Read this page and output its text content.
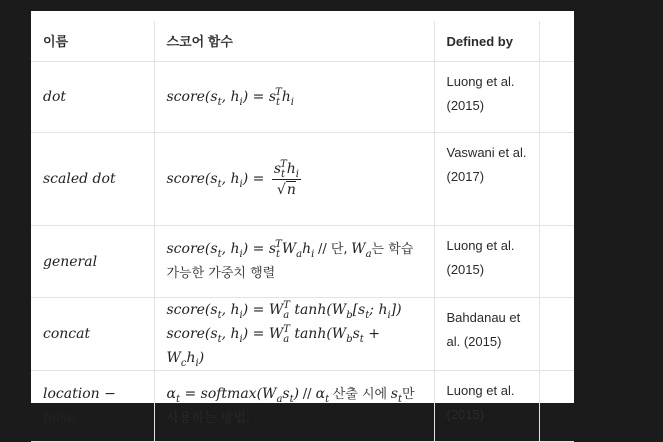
이름	스코어 함수	Defined by	
dot	$score(s_t$, $h_i) = s_t^Th_i$	Luong et al.
(2015)	

scaled dot	$score(s_t$, $h_i) = \frac{s_t^Th_i}{√n}$	Vaswani et al.
(2017)	

general	$score(s_t$, $h_i) = s_t^TW_ah_i$ // 단, $W_a$는 학습
가능한 가중치 행렬	Luong et al.
(2015)	

concat	$score(s_t$, $h_i) = W_a^T$ $\tanh(W_b[s_t$; $h_i$])
$score(s_t$, $h_i) = W_a^T$ $\tanh(W_bs_t + W_ch_i)$	Bahdanau et
al. (2015)	

location − base	$\alpha_t$ = $softmax(W_as_t) // \alpha_t$ 산출 시에 $s_t$만
사용하는 방법.	Luong et al.
(2015)	
